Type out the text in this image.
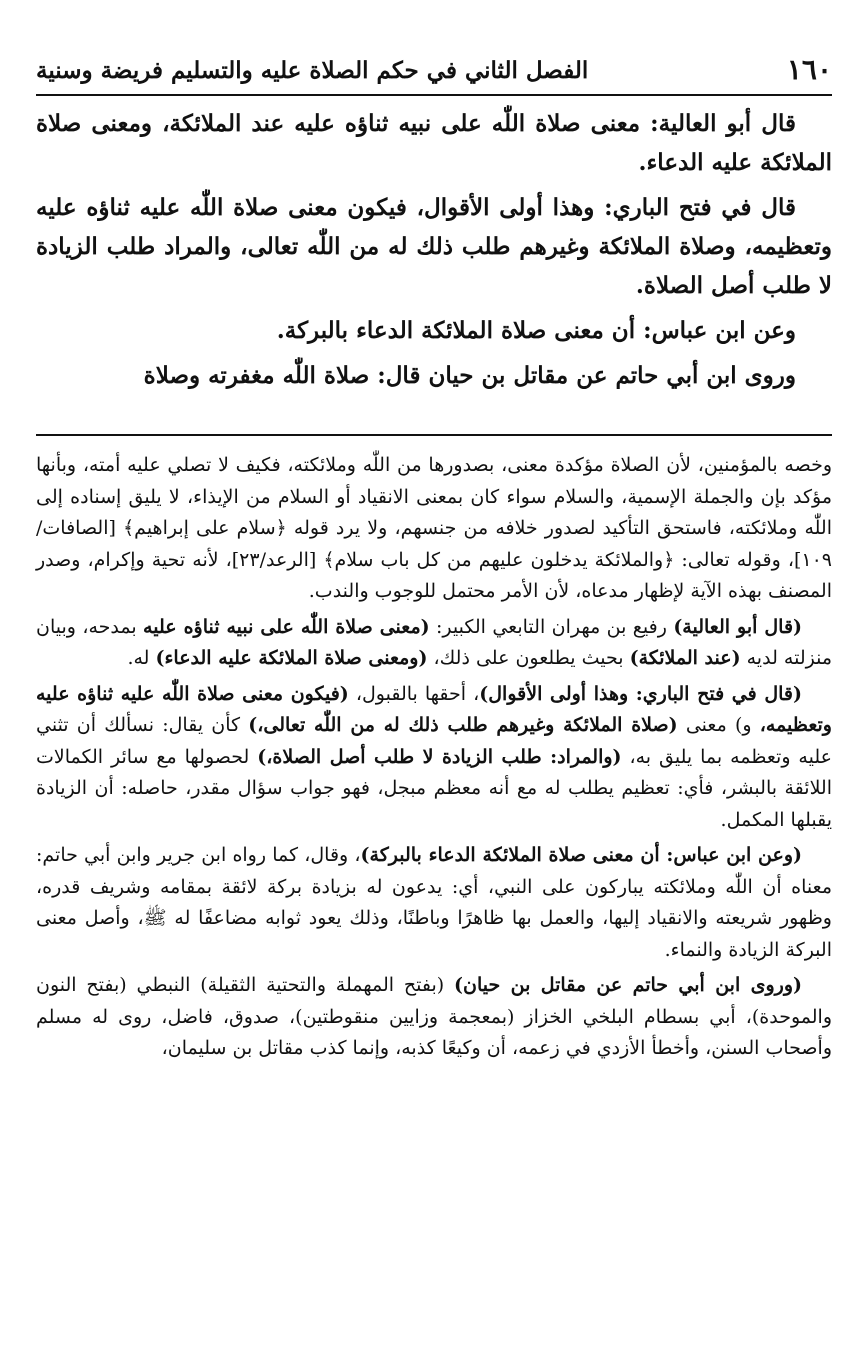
١٦٠
الفصل الثاني في حكم الصلاة عليه والتسليم فريضة وسنية

قال أبو العالية: معنى صلاة اللّٰه على نبيه ثناؤه عليه عند الملائكة، ومعنى صلاة الملائكة عليه الدعاء.

قال في فتح الباري: وهذا أولى الأقوال، فيكون معنى صلاة اللّٰه عليه ثناؤه عليه وتعظيمه، وصلاة الملائكة وغيرهم طلب ذلك له من اللّٰه تعالى، والمراد طلب الزيادة لا طلب أصل الصلاة.

وعن ابن عباس: أن معنى صلاة الملائكة الدعاء بالبركة.

وروى ابن أبي حاتم عن مقاتل بن حيان قال: صلاة اللّٰه مغفرته وصلاة

وخصه بالمؤمنين، لأن الصلاة مؤكدة معنى، بصدورها من اللّٰه وملائكته، فكيف لا تصلي عليه أمته، وبأنها مؤكد بإن والجملة الإسمية، والسلام سواء كان بمعنى الانقياد أو السلام من الإيذاء، لا يليق إسناده إلى اللّٰه وملائكته، فاستحق التأكيد لصدور خلافه من جنسهم، ولا يرد قوله ﴿سلام على إبراهيم﴾ [الصافات/ ١٠٩]، وقوله تعالى: ﴿والملائكة يدخلون عليهم من كل باب سلام﴾ [الرعد/٢٣]، لأنه تحية وإكرام، وصدر المصنف بهذه الآية لإظهار مدعاه، لأن الأمر محتمل للوجوب والندب.

(قال أبو العالية) رفيع بن مهران التابعي الكبير: (معنى صلاة اللّٰه على نبيه ثناؤه عليه بمدحه، وبيان منزلته لديه (عند الملائكة) بحيث يطلعون على ذلك، (ومعنى صلاة الملائكة عليه الدعاء) له.

(قال في فتح الباري: وهذا أولى الأقوال)، أحقها بالقبول، (فيكون معنى صلاة اللّٰه عليه ثناؤه عليه وتعظيمه، و) معنى (صلاة الملائكة وغيرهم طلب ذلك له من اللّٰه تعالى،) كأن يقال: نسألك أن تثني عليه وتعظمه بما يليق به، (والمراد: طلب الزيادة لا طلب أصل الصلاة،) لحصولها مع سائر الكمالات اللائقة بالبشر، فأي: تعظيم يطلب له مع أنه معظم مبجل، فهو جواب سؤال مقدر، حاصله: أن الزيادة يقبلها المكمل.

(وعن ابن عباس: أن معنى صلاة الملائكة الدعاء بالبركة)، وقال، كما رواه ابن جرير وابن أبي حاتم: معناه أن اللّٰه وملائكته يباركون على النبي، أي: يدعون له بزيادة بركة لائقة بمقامه وشريف قدره، وظهور شريعته والانقياد إليها، والعمل بها ظاهرًا وباطنًا، وذلك يعود ثوابه مضاعفًا له ﷺ، وأصل معنى البركة الزيادة والنماء.

(وروى ابن أبي حاتم عن مقاتل بن حيان) (بفتح المهملة والتحتية الثقيلة) النبطي (بفتح النون والموحدة)، أبي بسطام البلخي الخزاز (بمعجمة وزايين منقوطتين)، صدوق، فاضل، روى له مسلم وأصحاب السنن، وأخطأ الأزدي في زعمه، أن وكيعًا كذبه، وإنما كذب مقاتل بن سليمان،
